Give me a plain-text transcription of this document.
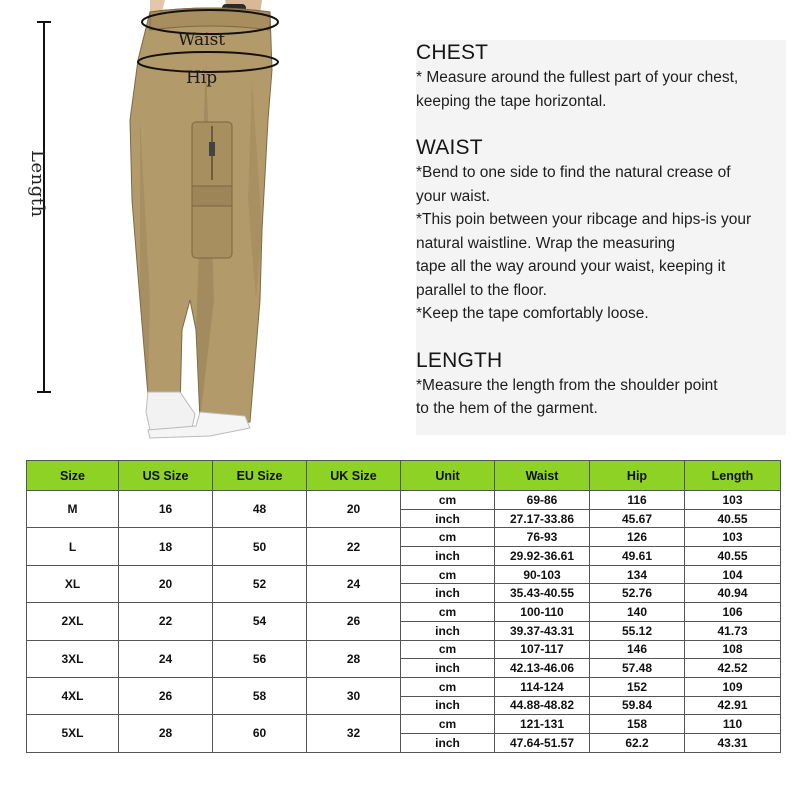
Length
Waist
Hip
CHEST
* Measure around the fullest part of your chest,
keeping the tape horizontal.
WAIST
*Bend to one side to find the natural crease of
your waist.
*This poin between your ribcage and hips-is your
natural waistline. Wrap the measuring
tape all the way around your waist, keeping it
parallel to the floor.
*Keep the tape comfortably loose.
LENGTH
*Measure the length from the shoulder point
to the hem of the garment.
Size	US Size	EU Size	UK Size	Unit	Waist	Hip	Length
M	16	48	20	cm	69-86	116	103
				inch	27.17-33.86	45.67	40.55
L	18	50	22	cm	76-93	126	103
				inch	29.92-36.61	49.61	40.55
XL	20	52	24	cm	90-103	134	104
				inch	35.43-40.55	52.76	40.94
2XL	22	54	26	cm	100-110	140	106
				inch	39.37-43.31	55.12	41.73
3XL	24	56	28	cm	107-117	146	108
				inch	42.13-46.06	57.48	42.52
4XL	26	58	30	cm	114-124	152	109
				inch	44.88-48.82	59.84	42.91
5XL	28	60	32	cm	121-131	158	110
				inch	47.64-51.57	62.2	43.31
